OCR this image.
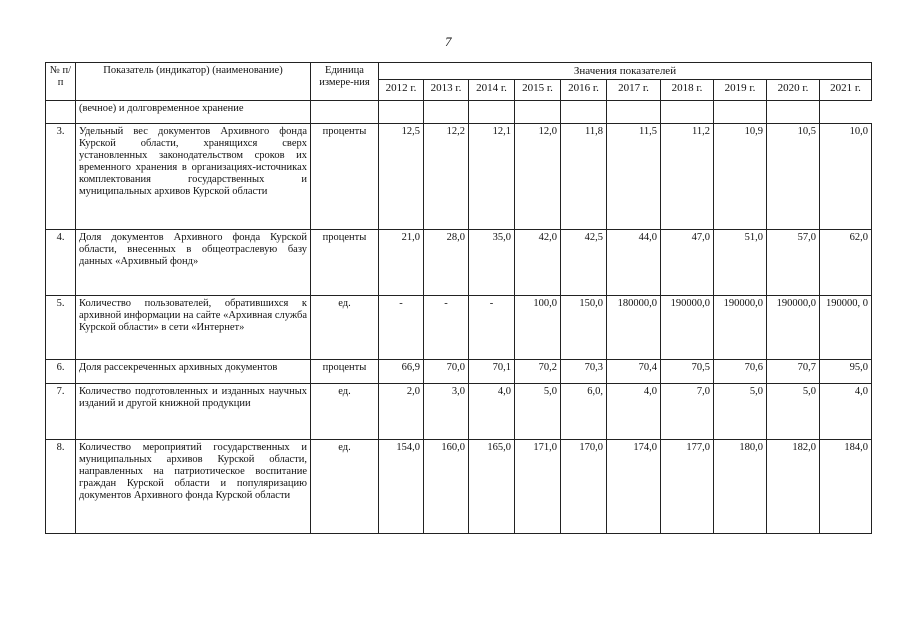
7
№ п/п	Показатель (индикатор) (наименование)	Единица измере-ния	Значения показателей									
			2012 г.	2013 г.	2014 г.	2015 г.	2016 г.	2017 г.	2018 г.	2019 г.	2020 г.	2021 г.
	(вечное) и долговременное хранение											
3.	Удельный вес документов Архивного фонда Курской области, хранящихся сверх установленных законодательством сроков их временного хранения в организациях-источниках комплектования государственных и муниципальных архивов Курской области	проценты	12,5	12,2	12,1	12,0	11,8	11,5	11,2	10,9	10,5	10,0
4.	Доля документов Архивного фонда Курской области, внесенных в общеотраслевую базу данных «Архивный фонд»	проценты	21,0	28,0	35,0	42,0	42,5	44,0	47,0	51,0	57,0	62,0
5.	Количество пользователей, обратившихся к архивной информации на сайте «Архивная служба Курской области» в сети «Интернет»	ед.	-	-	-	100,0	150,0	180000,0	190000,0	190000,0	190000,0	190000, 0
6.	Доля рассекреченных архивных документов	проценты	66,9	70,0	70,1	70,2	70,3	70,4	70,5	70,6	70,7	95,0
7.	Количество подготовленных и изданных научных изданий и другой книжной продукции	ед.	2,0	3,0	4,0	5,0	6,0,	4,0	7,0	5,0	5,0	4,0
8.	Количество мероприятий государственных и муниципальных архивов Курской области, направленных на патриотическое воспитание граждан Курской области и популяризацию документов Архивного фонда Курской области	ед.	154,0	160,0	165,0	171,0	170,0	174,0	177,0	180,0	182,0	184,0
